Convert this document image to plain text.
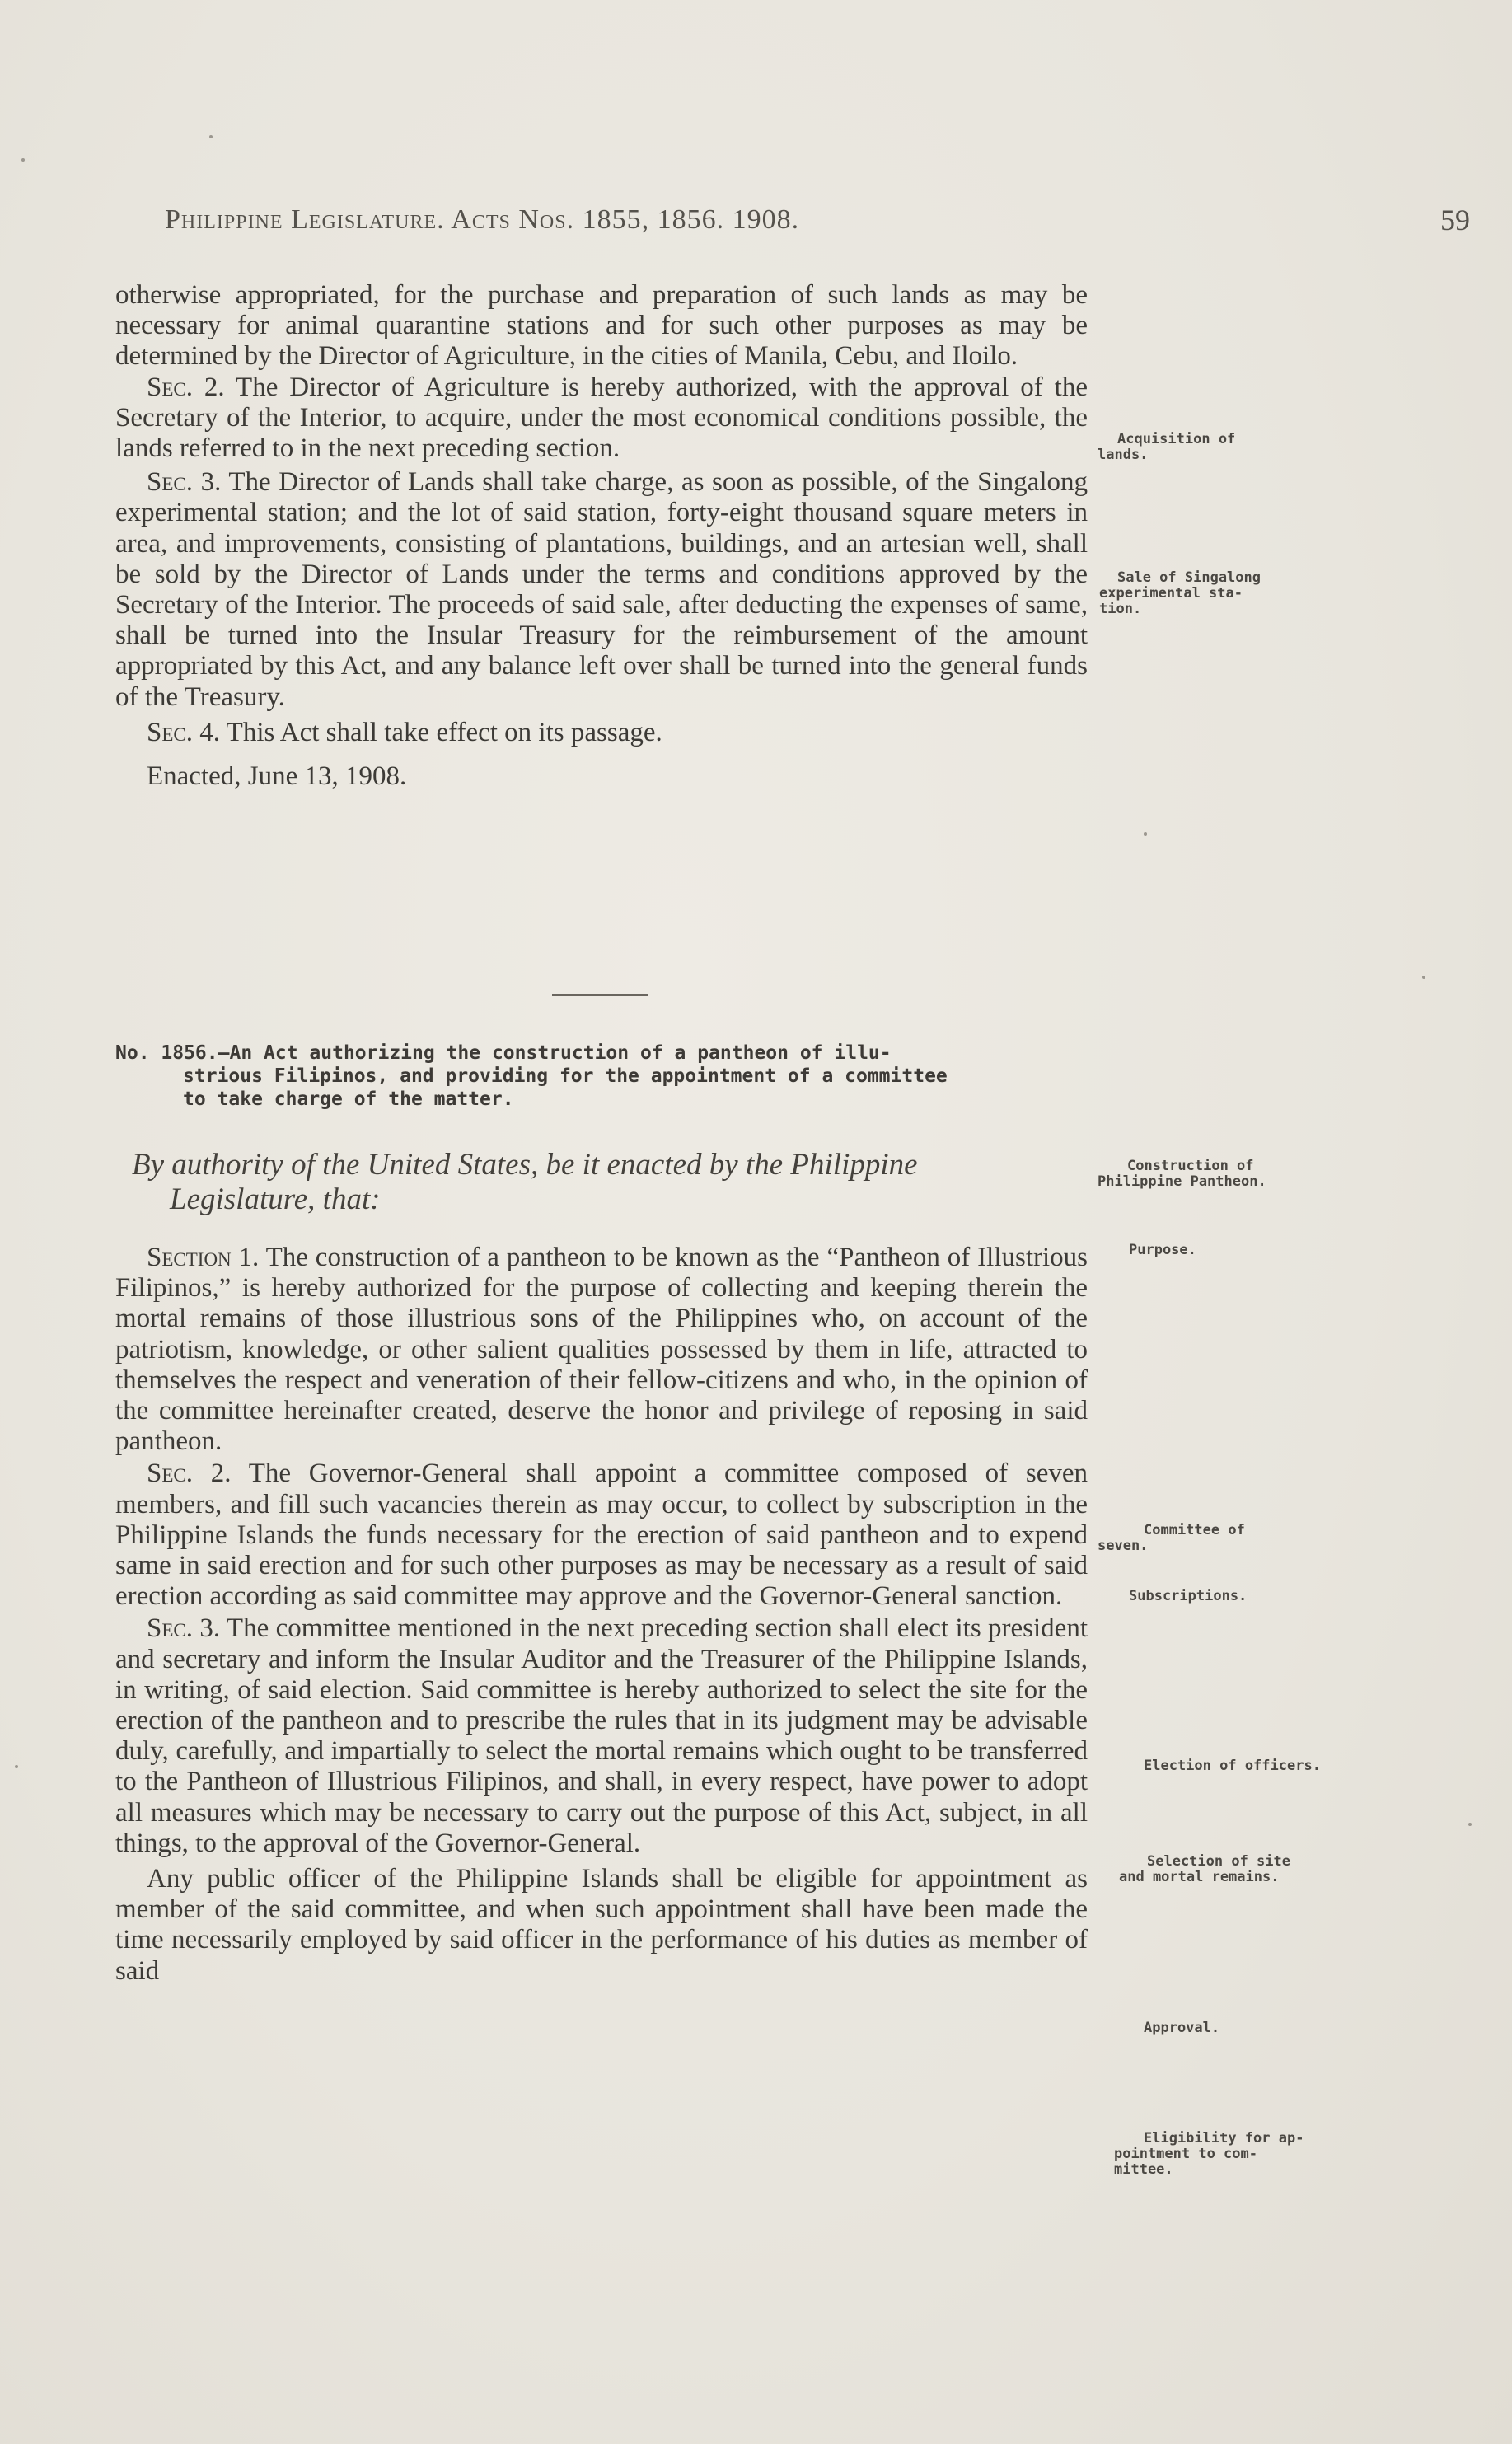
Philippine Legislature. Acts Nos. 1855, 1856. 1908.	59

otherwise appropriated, for the purchase and preparation of such lands as may be necessary for animal quarantine stations and for such other purposes as may be determined by the Director of Agriculture, in the cities of Manila, Cebu, and Iloilo.

Sec. 2. The Director of Agriculture is hereby authorized, with the approval of the Secretary of the Interior, to acquire, under the most economical conditions possible, the lands referred to in the next preceding section.

Sec. 3. The Director of Lands shall take charge, as soon as possible, of the Singalong experimental station; and the lot of said station, forty-eight thousand square meters in area, and improvements, consisting of plantations, buildings, and an artesian well, shall be sold by the Director of Lands under the terms and conditions approved by the Secretary of the Interior. The proceeds of said sale, after deducting the expenses of same, shall be turned into the Insular Treasury for the reimbursement of the amount appropriated by this Act, and any balance left over shall be turned into the general funds of the Treasury.

Sec. 4. This Act shall take effect on its passage.

Enacted, June 13, 1908.

No. 1856.—An Act authorizing the construction of a pantheon of illu-
strious Filipinos, and providing for the appointment of a committee
to take charge of the matter.
By authority of the United States, be it enacted by the Philippine
Legislature, that:

Section 1. The construction of a pantheon to be known as the “Pantheon of Illustrious Filipinos,” is hereby authorized for the purpose of collecting and keeping therein the mortal remains of those illustrious sons of the Philippines who, on account of the patriotism, knowledge, or other salient qualities possessed by them in life, attracted to themselves the respect and veneration of their fellow-citizens and who, in the opinion of the committee hereinafter created, deserve the honor and privilege of reposing in said pantheon.

Sec. 2. The Governor-General shall appoint a committee composed of seven members, and fill such vacancies therein as may occur, to collect by subscription in the Philippine Islands the funds necessary for the erection of said pantheon and to expend same in said erection and for such other purposes as may be necessary as a result of said erection according as said committee may approve and the Governor-General sanction.

Sec. 3. The committee mentioned in the next preceding section shall elect its president and secretary and inform the Insular Auditor and the Treasurer of the Philippine Islands, in writing, of said election. Said committee is hereby authorized to select the site for the erection of the pantheon and to prescribe the rules that in its judgment may be advisable duly, carefully, and impartially to select the mortal remains which ought to be transferred to the Pantheon of Illustrious Filipinos, and shall, in every respect, have power to adopt all measures which may be necessary to carry out the purpose of this Act, subject, in all things, to the approval of the Governor-General.

Any public officer of the Philippine Islands shall be eligible for appointment as member of the said committee, and when such appointment shall have been made the time necessarily employed by said officer in the performance of his duties as member of said

Acquisition of
lands.
Sale of Singalong
experimental sta-
tion.
Construction of
Philippine Pantheon.
Purpose.
Committee of
seven.
Subscriptions.
Election of officers.
Selection of site
and mortal remains.
Approval.
Eligibility for ap-
pointment to com-
mittee.
